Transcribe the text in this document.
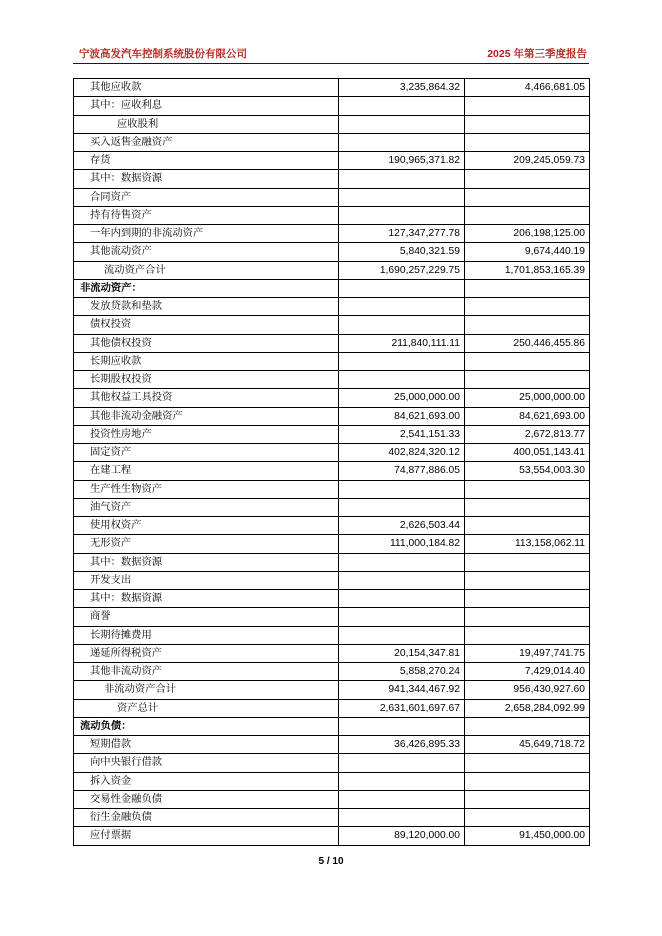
宁波高发汽车控制系统股份有限公司	2025 年第三季度报告
其他应收款	3,235,864.32	4,466,681.05
其中：应收利息		
应收股利		
买入返售金融资产		
存货	190,965,371.82	209,245,059.73
其中：数据资源		
合同资产		
持有待售资产		
一年内到期的非流动资产	127,347,277.78	206,198,125.00
其他流动资产	5,840,321.59	9,674,440.19
流动资产合计	1,690,257,229.75	1,701,853,165.39
非流动资产：		
发放贷款和垫款		
债权投资		
其他债权投资	211,840,111.11	250,446,455.86
长期应收款		
长期股权投资		
其他权益工具投资	25,000,000.00	25,000,000.00
其他非流动金融资产	84,621,693.00	84,621,693.00
投资性房地产	2,541,151.33	2,672,813.77
固定资产	402,824,320.12	400,051,143.41
在建工程	74,877,886.05	53,554,003.30
生产性生物资产		
油气资产		
使用权资产	2,626,503.44	
无形资产	111,000,184.82	113,158,062.11
其中：数据资源		
开发支出		
其中：数据资源		
商誉		
长期待摊费用		
递延所得税资产	20,154,347.81	19,497,741.75
其他非流动资产	5,858,270.24	7,429,014.40
非流动资产合计	941,344,467.92	956,430,927.60
资产总计	2,631,601,697.67	2,658,284,092.99
流动负债：		
短期借款	36,426,895.33	45,649,718.72
向中央银行借款		
拆入资金		
交易性金融负债		
衍生金融负债		
应付票据	89,120,000.00	91,450,000.00
5 / 10
